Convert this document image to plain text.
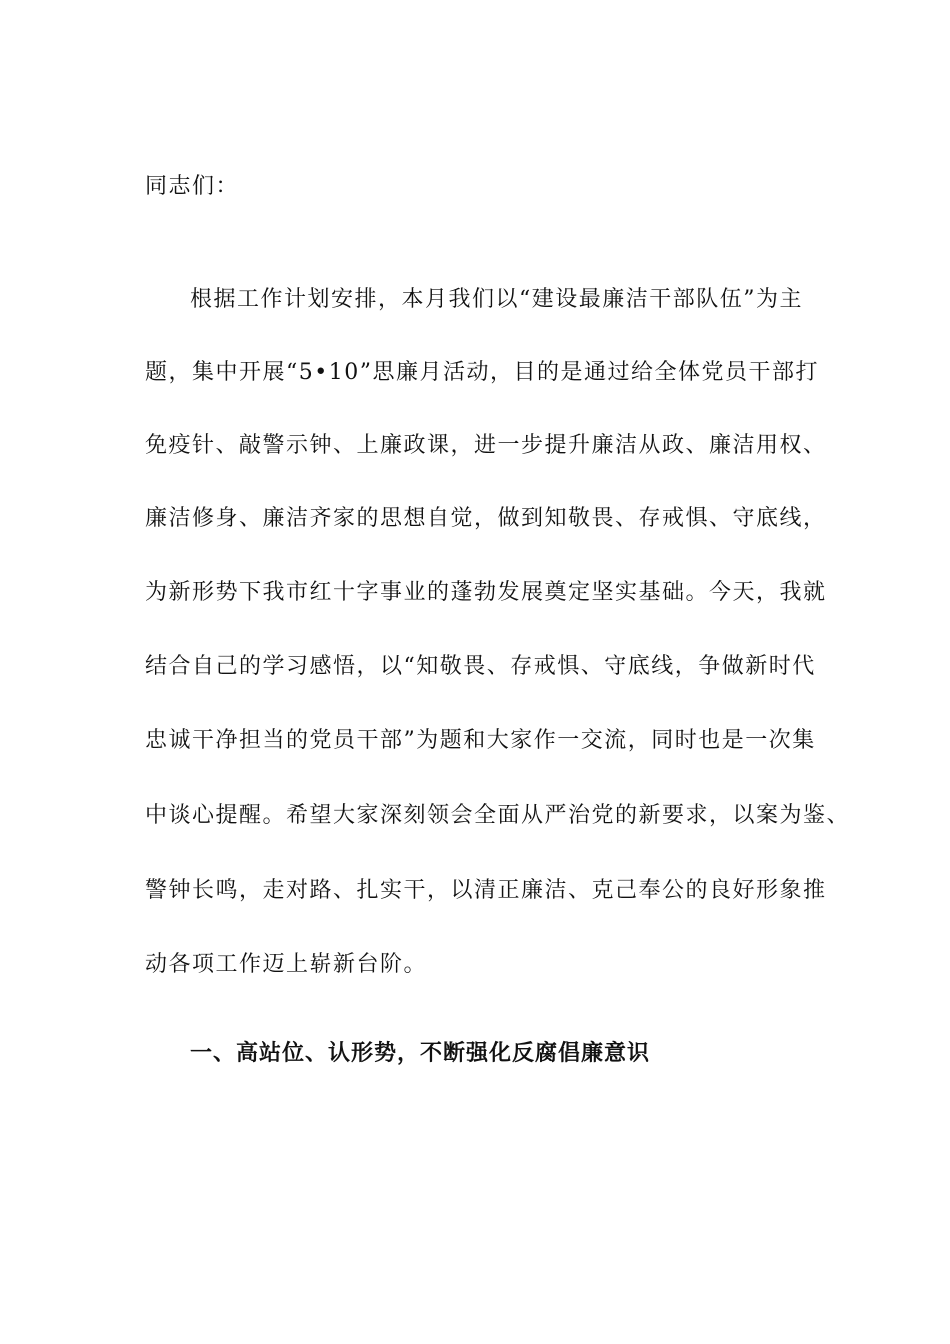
同志们：
根据工作计划安排，本月我们以“建设最廉洁干部队伍”为主
题，集中开展“5•10”思廉月活动，目的是通过给全体党员干部打
免疫针、敲警示钟、上廉政课，进一步提升廉洁从政、廉洁用权、
廉洁修身、廉洁齐家的思想自觉，做到知敬畏、存戒惧、守底线，
为新形势下我市红十字事业的蓬勃发展奠定坚实基础。今天，我就
结合自己的学习感悟，以“知敬畏、存戒惧、守底线，争做新时代
忠诚干净担当的党员干部”为题和大家作一交流，同时也是一次集
中谈心提醒。希望大家深刻领会全面从严治党的新要求，以案为鉴、
警钟长鸣，走对路、扎实干，以清正廉洁、克己奉公的良好形象推
动各项工作迈上崭新台阶。
一、高站位、认形势，不断强化反腐倡廉意识
